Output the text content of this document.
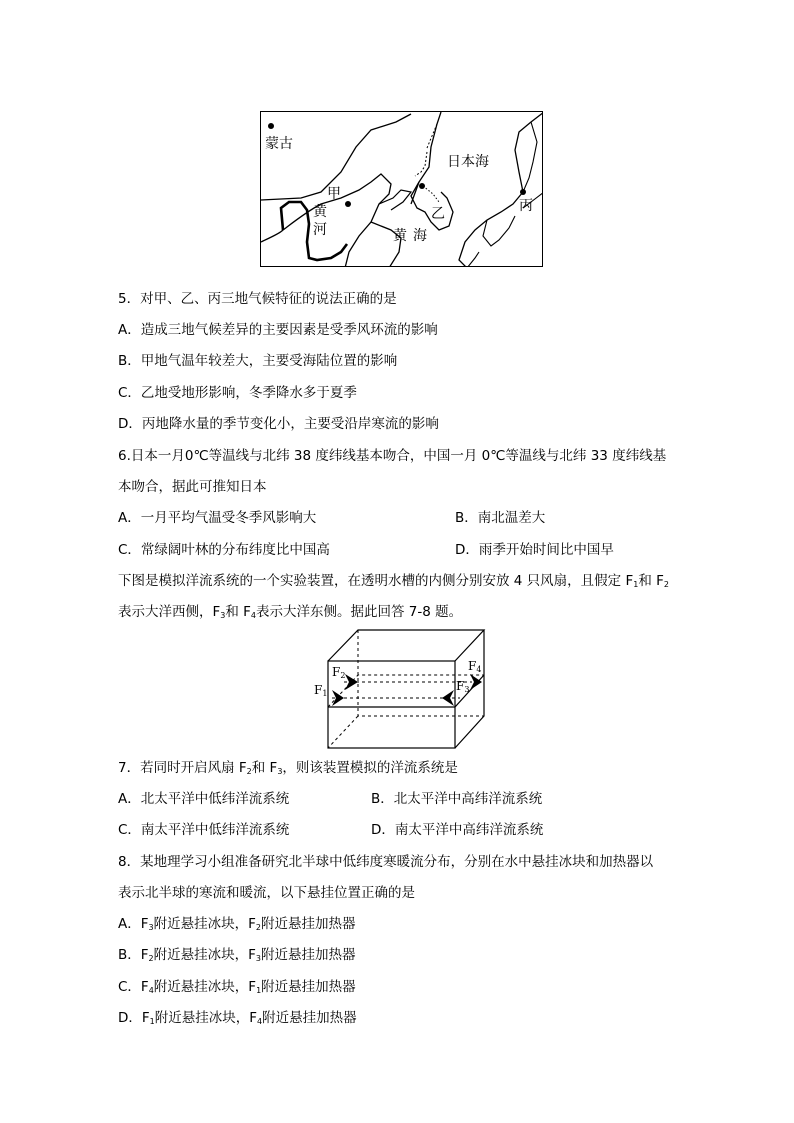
蒙古
甲
黄
河
日本海
乙
黄 海
丙
5．对甲、乙、丙三地气候特征的说法正确的是
A．造成三地气候差异的主要因素是受季风环流的影响
B．甲地气温年较差大，主要受海陆位置的影响
C．乙地受地形影响，冬季降水多于夏季
D．丙地降水量的季节变化小，主要受沿岸寒流的影响
6.日本一月0℃等温线与北纬 38 度纬线基本吻合，中国一月 0℃等温线与北纬 33 度纬线基
本吻合，据此可推知日本
A．一月平均气温受冬季风影响大	B．南北温差大
C．常绿阔叶林的分布纬度比中国高	D．雨季开始时间比中国早
下图是模拟洋流系统的一个实验装置，在透明水槽的内侧分别安放 4 只风扇，且假定 $F_1$和 $F_2$
表示大洋西侧，$F_3$和 $F_4$表示大洋东侧。据此回答 7-8 题。
$F_1$
$F_2$
$F_3$
$F_4$
7．若同时开启风扇 $F_2$和 $F_3$，则该装置模拟的洋流系统是
A．北太平洋中低纬洋流系统	B．北太平洋中高纬洋流系统
C．南太平洋中低纬洋流系统	D．南太平洋中高纬洋流系统
8．某地理学习小组准备研究北半球中低纬度寒暖流分布，分别在水中悬挂冰块和加热器以
表示北半球的寒流和暖流，以下悬挂位置正确的是
A．$F_3$附近悬挂冰块，$F_2$附近悬挂加热器
B．$F_2$附近悬挂冰块，$F_3$附近悬挂加热器
C．$F_4$附近悬挂冰块，$F_1$附近悬挂加热器
D．$F_1$附近悬挂冰块，$F_4$附近悬挂加热器
